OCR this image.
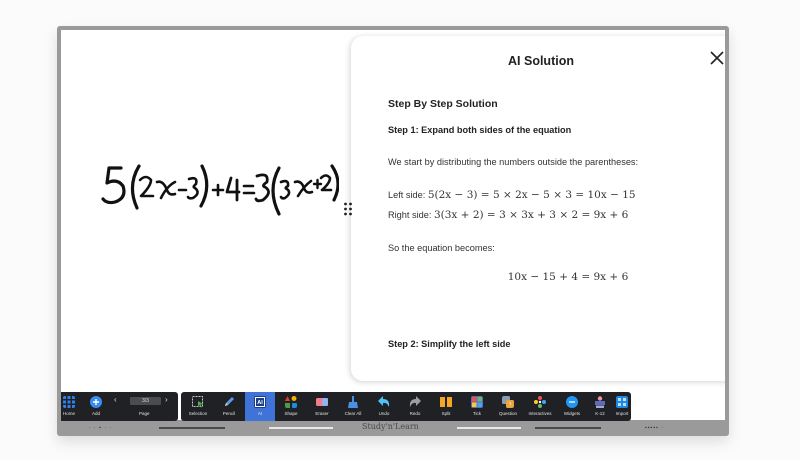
AI Solution
Step By Step Solution
Step 1: Expand both sides of the equation
We start by distributing the numbers outside the parentheses:
Left side: 5(2x − 3) = 5 × 2x − 5 × 3 = 10x − 15
Right side: 3(3x + 2) = 3 × 3x + 3 × 2 = 9x + 6
So the equation becomes:
10x − 15 + 4 = 9x + 6
Step 2: Simplify the left side
Home	Add
‹	3/3	›
Page	Selection	Pencil
AI
AI	Shape	Eraser	Clear All	Undo	Redo	Split	Tick
?
Question	Interactives	Widgets	K-12 Import
· · ▪ · ·	Study'n'Learn	▪▪▪▪▪ ·
